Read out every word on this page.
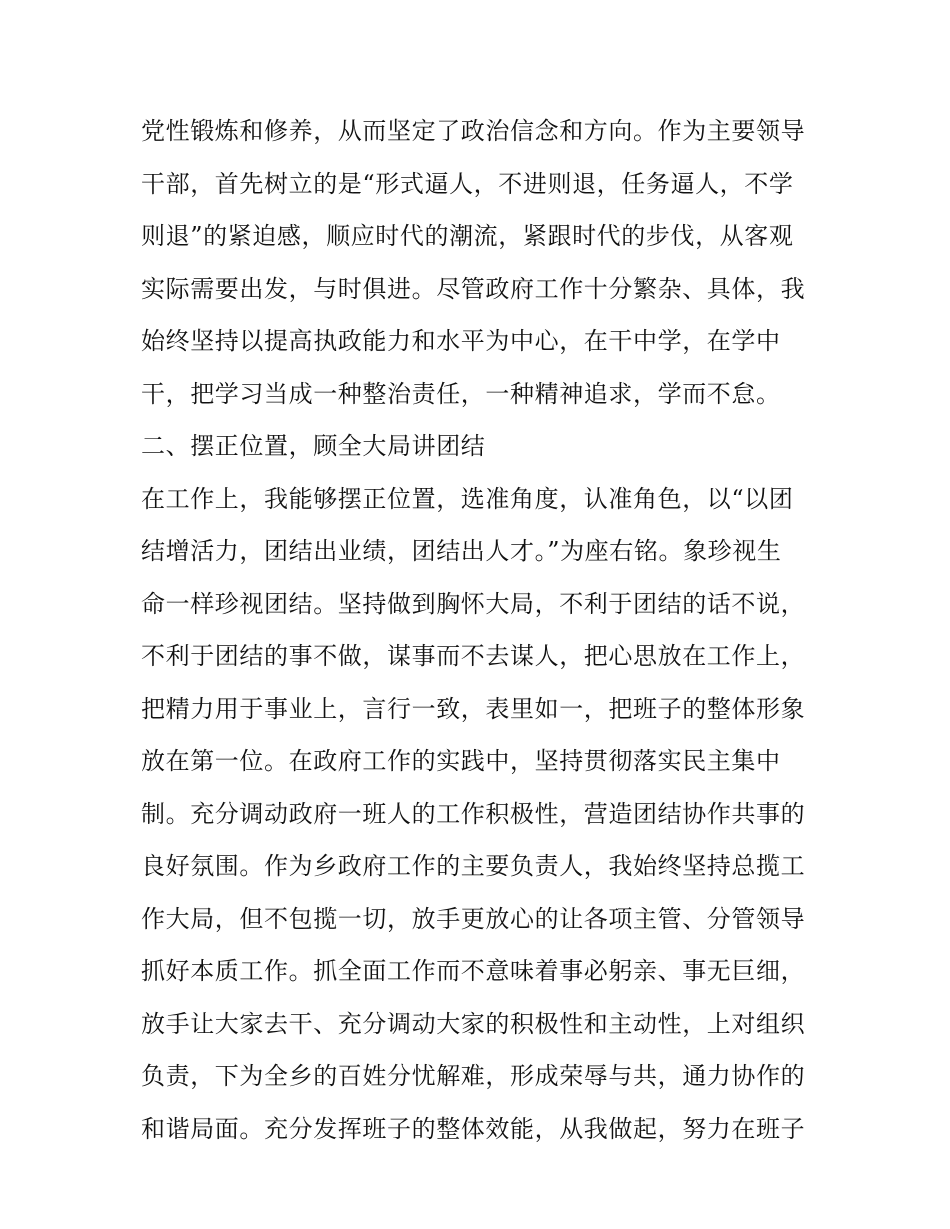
党性锻炼和修养，从而坚定了政治信念和方向。作为主要领导
干部，首先树立的是“形式逼人，不进则退，任务逼人，不学
则退”的紧迫感，顺应时代的潮流，紧跟时代的步伐，从客观
实际需要出发，与时俱进。尽管政府工作十分繁杂、具体，我
始终坚持以提高执政能力和水平为中心，在干中学，在学中
干，把学习当成一种整治责任，一种精神追求，学而不怠。
二、摆正位置，顾全大局讲团结
在工作上，我能够摆正位置，选准角度，认准角色，以“以团
结增活力，团结出业绩，团结出人才。”为座右铭。象珍视生
命一样珍视团结。坚持做到胸怀大局，不利于团结的话不说，
不利于团结的事不做，谋事而不去谋人，把心思放在工作上，
把精力用于事业上，言行一致，表里如一，把班子的整体形象
放在第一位。在政府工作的实践中，坚持贯彻落实民主集中
制。充分调动政府一班人的工作积极性，营造团结协作共事的
良好氛围。作为乡政府工作的主要负责人，我始终坚持总揽工
作大局，但不包揽一切，放手更放心的让各项主管、分管领导
抓好本质工作。抓全面工作而不意味着事必躬亲、事无巨细，
放手让大家去干、充分调动大家的积极性和主动性，上对组织
负责，下为全乡的百姓分忧解难，形成荣辱与共，通力协作的
和谐局面。充分发挥班子的整体效能，从我做起，努力在班子
